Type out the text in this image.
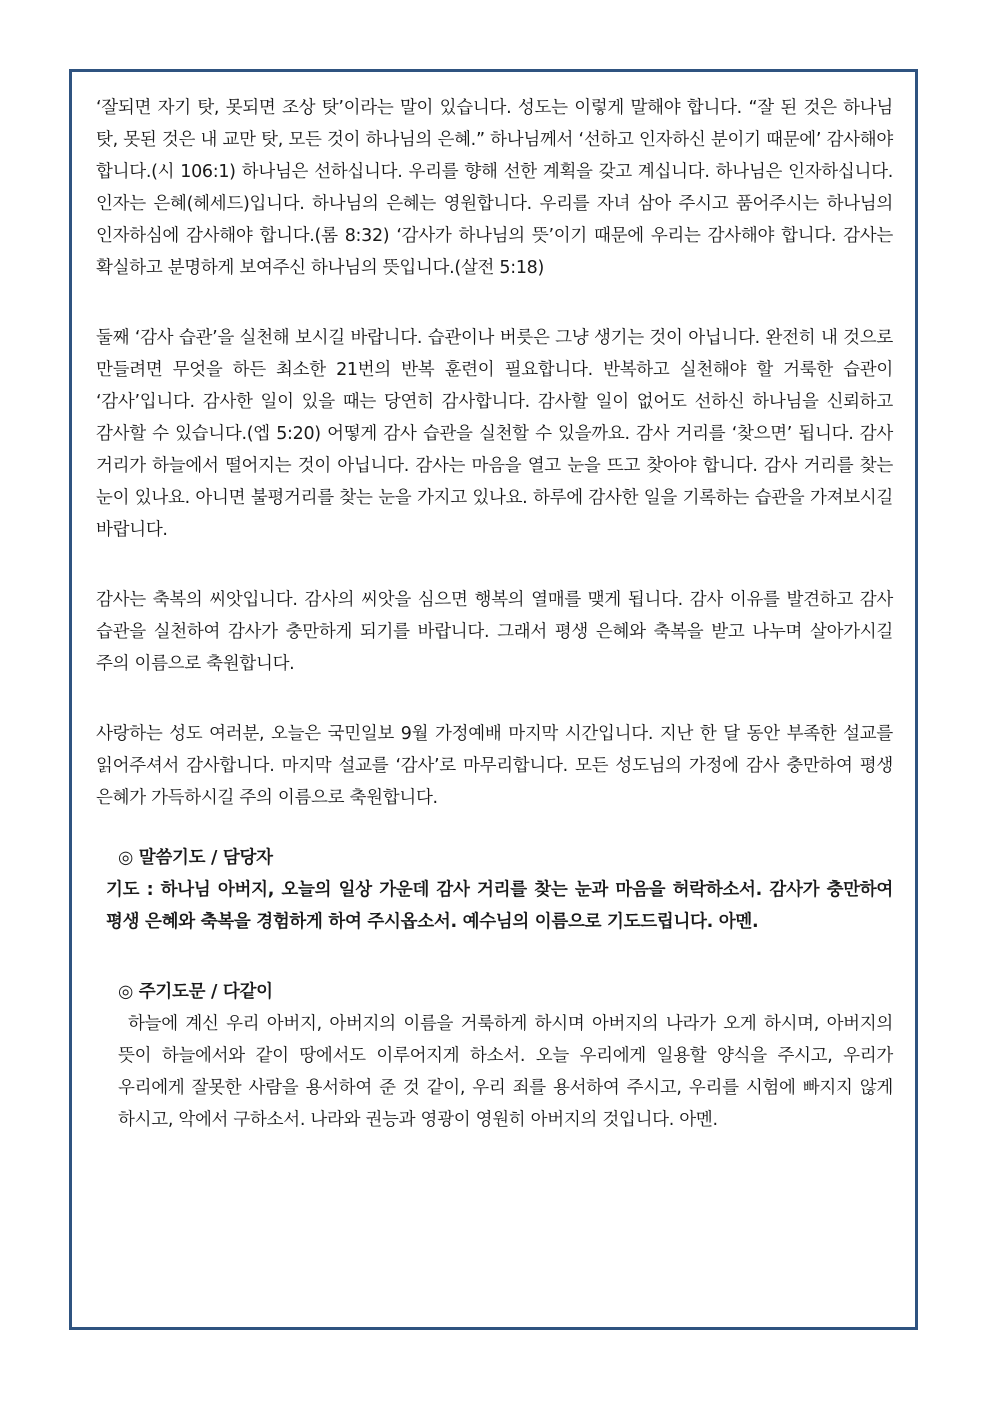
‘잘되면 자기 탓, 못되면 조상 탓’이라는 말이 있습니다. 성도는 이렇게 말해야 합니다. “잘 된 것은 하나님 탓, 못된 것은 내 교만 탓, 모든 것이 하나님의 은혜.” 하나님께서 ‘선하고 인자하신 분이기 때문에’ 감사해야 합니다.(시 106:1) 하나님은 선하십니다. 우리를 향해 선한 계획을 갖고 계십니다. 하나님은 인자하십니다. 인자는 은혜(헤세드)입니다. 하나님의 은혜는 영원합니다. 우리를 자녀 삼아 주시고 품어주시는 하나님의 인자하심에 감사해야 합니다.(롬 8:32) ‘감사가 하나님의 뜻’이기 때문에 우리는 감사해야 합니다. 감사는 확실하고 분명하게 보여주신 하나님의 뜻입니다.(살전 5:18)

둘째 ‘감사 습관’을 실천해 보시길 바랍니다. 습관이나 버릇은 그냥 생기는 것이 아닙니다. 완전히 내 것으로 만들려면 무엇을 하든 최소한 21번의 반복 훈련이 필요합니다. 반복하고 실천해야 할 거룩한 습관이 ‘감사’입니다. 감사한 일이 있을 때는 당연히 감사합니다. 감사할 일이 없어도 선하신 하나님을 신뢰하고 감사할 수 있습니다.(엡 5:20) 어떻게 감사 습관을 실천할 수 있을까요. 감사 거리를 ‘찾으면’ 됩니다. 감사 거리가 하늘에서 떨어지는 것이 아닙니다. 감사는 마음을 열고 눈을 뜨고 찾아야 합니다. 감사 거리를 찾는 눈이 있나요. 아니면 불평거리를 찾는 눈을 가지고 있나요. 하루에 감사한 일을 기록하는 습관을 가져보시길 바랍니다.

감사는 축복의 씨앗입니다. 감사의 씨앗을 심으면 행복의 열매를 맺게 됩니다. 감사 이유를 발견하고 감사 습관을 실천하여 감사가 충만하게 되기를 바랍니다. 그래서 평생 은혜와 축복을 받고 나누며 살아가시길 주의 이름으로 축원합니다.

사랑하는 성도 여러분, 오늘은 국민일보 9월 가정예배 마지막 시간입니다. 지난 한 달 동안 부족한 설교를 읽어주셔서 감사합니다. 마지막 설교를 ‘감사’로 마무리합니다. 모든 성도님의 가정에 감사 충만하여 평생 은혜가 가득하시길 주의 이름으로 축원합니다.

◎ 말씀기도 / 담당자

기도 : 하나님 아버지, 오늘의 일상 가운데 감사 거리를 찾는 눈과 마음을 허락하소서. 감사가 충만하여 평생 은혜와 축복을 경험하게 하여 주시옵소서. 예수님의 이름으로 기도드립니다. 아멘.

◎ 주기도문 / 다같이

하늘에 계신 우리 아버지, 아버지의 이름을 거룩하게 하시며 아버지의 나라가 오게 하시며, 아버지의 뜻이 하늘에서와 같이 땅에서도 이루어지게 하소서. 오늘 우리에게 일용할 양식을 주시고, 우리가 우리에게 잘못한 사람을 용서하여 준 것 같이, 우리 죄를 용서하여 주시고, 우리를 시험에 빠지지 않게 하시고, 악에서 구하소서. 나라와 권능과 영광이 영원히 아버지의 것입니다. 아멘.
